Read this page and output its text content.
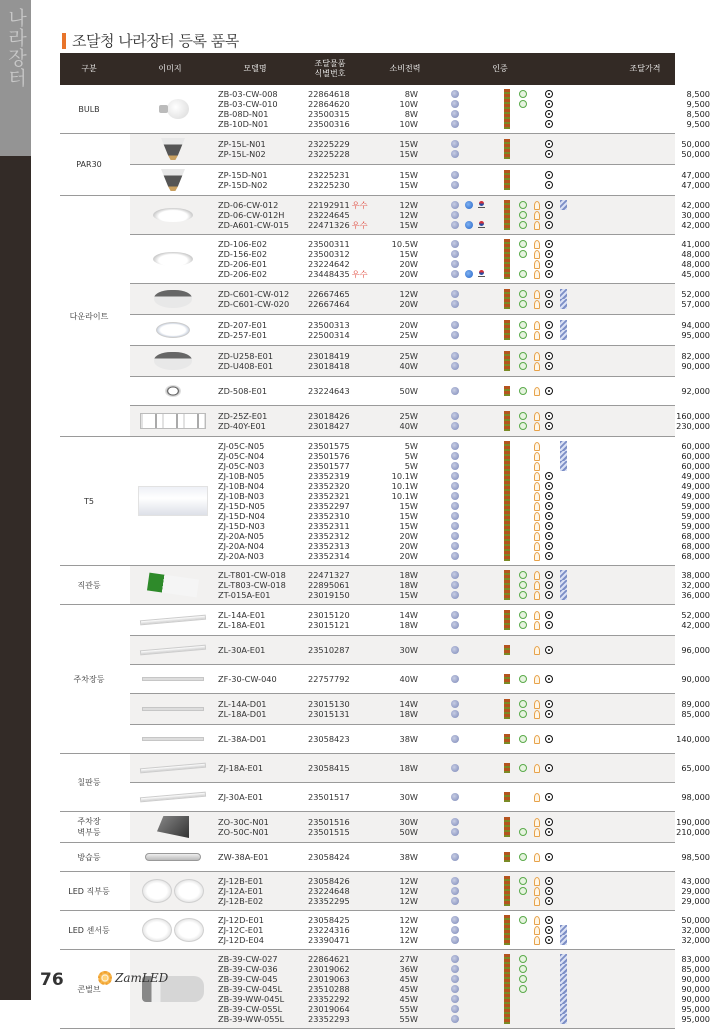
나라장터	조달청 나라장터 등록 품목
구분	이미지	모델명
조달물품
식별번호
소비전력	인증	조달가격
BULB
ZB-03-CW-008	22864618	8W	8,500
ZB-03-CW-010	22864620	10W	9,500
ZB-08D-N01	23500315	8W	8,500
ZB-10D-N01	23500316	10W	9,500
PAR30
ZP-15L-N01	23225229	15W	50,000
ZP-15L-N02	23225228	15W	50,000
ZP-15D-N01	23225231	15W	47,000
ZP-15D-N02	23225230	15W	47,000
다운라이트
ZD-06-CW-012	22192911 우수	12W	42,000
ZD-06-CW-012H	23224645	12W	30,000
ZD-A601-CW-015 22471326 우수	15W	42,000
ZD-106-E02	23500311	10.5W	41,000
ZD-156-E02	23500312	15W	48,000
ZD-206-E01	23224642	20W	48,000
ZD-206-E02	23448435 우수	20W	45,000
ZD-C601-CW-012 22667465	12W	52,000
ZD-C601-CW-020 22667464	20W	57,000
ZD-207-E01	23500313	20W	94,000
ZD-257-E01	22500314	25W	95,000
ZD-U258-E01	23018419	25W	82,000
ZD-U408-E01	23018418	40W	90,000
ZD-508-E01	23224643	50W	92,000
ZD-25Z-E01	23018426	25W	160,000
ZD-40Y-E01	23018427	40W	230,000
T5
ZJ-05C-N05	23501575	5W	60,000
ZJ-05C-N04	23501576	5W	60,000
ZJ-05C-N03	23501577	5W	60,000
ZJ-10B-N05	23352319	10.1W	49,000
ZJ-10B-N04	23352320	10.1W	49,000
ZJ-10B-N03	23352321	10.1W	49,000
ZJ-15D-N05	23352297	15W	59,000
ZJ-15D-N04	23352310	15W	59,000
ZJ-15D-N03	23352311	15W	59,000
ZJ-20A-N05	23352312	20W	68,000
ZJ-20A-N04	23352313	20W	68,000
ZJ-20A-N03	23352314	20W	68,000
직관등
ZL-T801-CW-018	22471327	18W	38,000
ZL-T803-CW-018	22895061	18W	32,000
ZT-015A-E01	23019150	15W	36,000
주차장등
ZL-14A-E01	23015120	14W	52,000
ZL-18A-E01	23015121	18W	42,000
ZL-30A-E01	23510287	30W	96,000
ZF-30-CW-040	22757792	40W	90,000
ZL-14A-D01	23015130	14W	89,000
ZL-18A-D01	23015131	18W	85,000
ZL-38A-D01	23058423	38W	140,000
칠판등
ZJ-18A-E01	23058415	18W	65,000
ZJ-30A-E01	23501517	30W	98,000
주차장
벽부등
ZO-30C-N01	23501516	30W	190,000
ZO-50C-N01	23501515	50W	210,000
방습등	ZW-38A-E01	23058424	38W	98,500
LED 직부등
ZJ-12B-E01	23058426	12W	43,000
ZJ-12A-E01	23224648	12W	29,000
ZJ-12B-E02	23352295	12W	29,000
LED 센서등
ZJ-12D-E01	23058425	12W	50,000
ZJ-12C-E01	23224316	12W	32,000
ZJ-12D-E04	23390471	12W	32,000
콘벌브
ZB-39-CW-027	22864621	27W	83,000
ZB-39-CW-036	23019062	36W	85,000
ZB-39-CW-045	23019063	45W	90,000
ZB-39-CW-045L	23510288	45W	90,000
ZB-39-WW-045L	23352292	45W	90,000
ZB-39-CW-055L	23019064	55W	95,000
ZB-39-WW-055L	23352293	55W	95,000
76	ZamLED
